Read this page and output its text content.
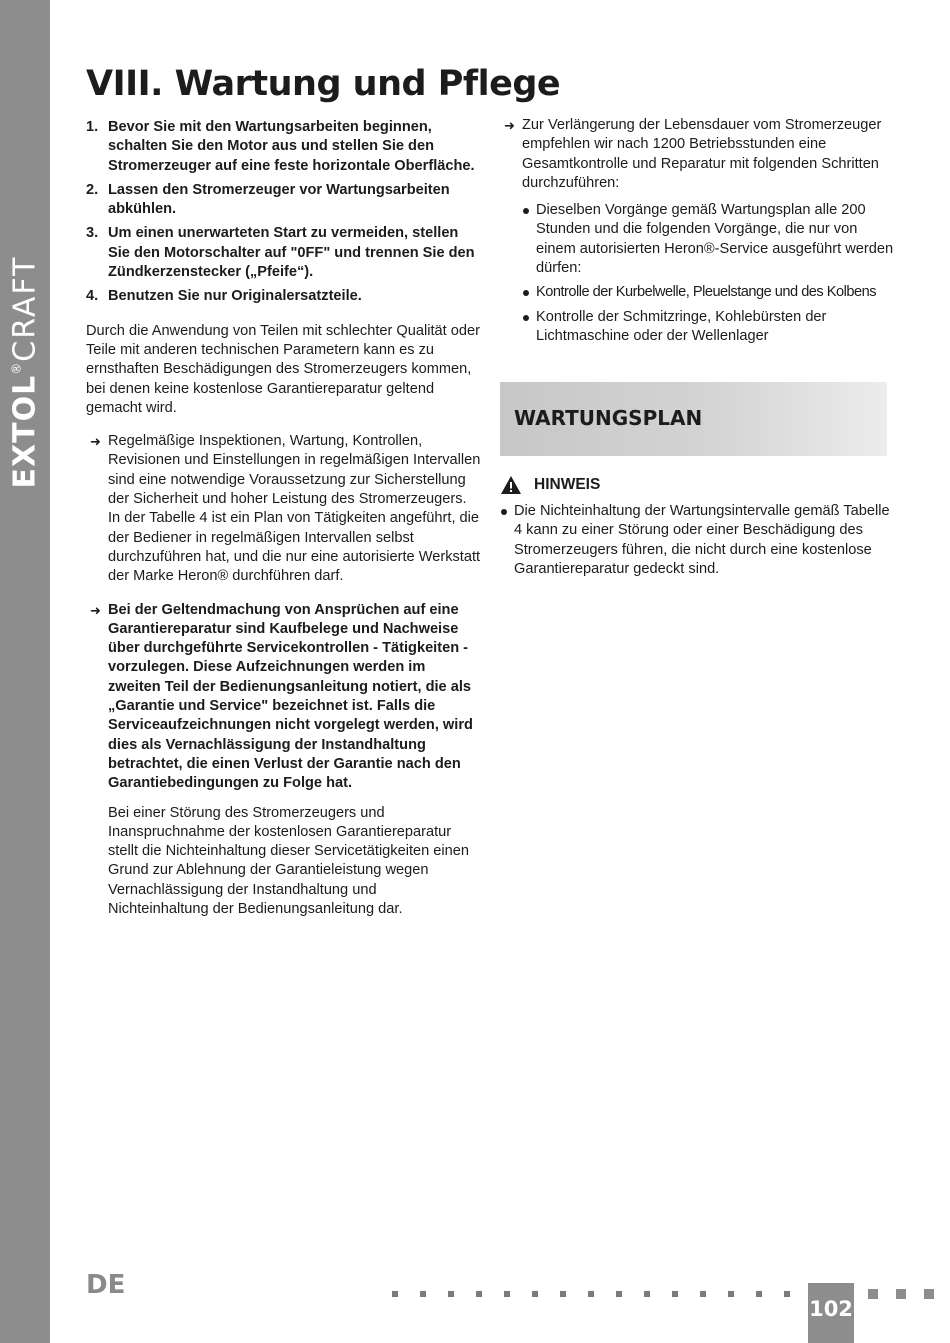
EXTOL®CRAFT
VIII. Wartung und Pflege
1. Bevor Sie mit den Wartungsarbeiten beginnen, schalten Sie den Motor aus und stellen Sie den Stromerzeuger auf eine feste horizontale Oberfläche.
2. Lassen den Stromerzeuger vor Wartungsarbeiten abkühlen.
3. Um einen unerwarteten Start zu vermeiden, stellen Sie den Motorschalter auf "0FF" und trennen Sie den Zündkerzenstecker („Pfeife“).
4. Benutzen Sie nur Originalersatzteile.

Durch die Anwendung von Teilen mit schlechter Qualität oder Teile mit anderen technischen Parametern kann es zu ernsthaften Beschädigungen des Stromerzeugers kommen, bei denen keine kostenlose Garantiereparatur geltend gemacht wird.

➜ Regelmäßige Inspektionen, Wartung, Kontrollen, Revisionen und Einstellungen in regelmäßigen Intervallen sind eine notwendige Voraussetzung zur Sicherstellung der Sicherheit und hoher Leistung des Stromerzeugers. In der Tabelle 4 ist ein Plan von Tätigkeiten angeführt, die der Bediener in regelmäßigen Intervallen selbst durchzuführen hat, und die nur eine autorisierte Werkstatt der Marke Heron® durchführen darf.
➜ Bei der Geltendmachung von Ansprüchen auf eine Garantiereparatur sind Kaufbelege und Nachweise über durchgeführte Servicekontrollen - Tätigkeiten - vorzulegen. Diese Aufzeichnungen werden im zweiten Teil der Bedienungsanleitung notiert, die als „Garantie und Service" bezeichnet ist. Falls die Serviceaufzeichnungen nicht vorgelegt werden, wird dies als Vernachlässigung der Instandhaltung betrachtet, die einen Verlust der Garantie nach den Garantiebedingungen zu Folge hat.

Bei einer Störung des Stromerzeugers und Inanspruchnahme der kostenlosen Garantiereparatur stellt die Nichteinhaltung dieser Servicetätigkeiten einen Grund zur Ablehnung der Garantieleistung wegen Vernachlässigung der Instandhaltung und Nichteinhaltung der Bedienungsanleitung dar.

➜ Zur Verlängerung der Lebensdauer vom Stromerzeuger empfehlen wir nach 1200 Betriebsstunden eine Gesamtkontrolle und Reparatur mit folgenden Schritten durchzuführen:
Dieselben Vorgänge gemäß Wartungsplan alle 200 Stunden und die folgenden Vorgänge, die nur von einem autorisierten Heron®-Service ausgeführt werden dürfen:
Kontrolle der Kurbelwelle, Pleuelstange und des Kolbens
Kontrolle der Schmitzringe, Kohlebürsten der Lichtmaschine oder der Wellenlager
WARTUNGSPLAN
HINWEIS

Die Nichteinhaltung der Wartungsintervalle gemäß Tabelle 4 kann zu einer Störung oder einer Beschädigung des Stromerzeugers führen, die nicht durch eine kostenlose Garantiereparatur gedeckt sind.

DE
102
